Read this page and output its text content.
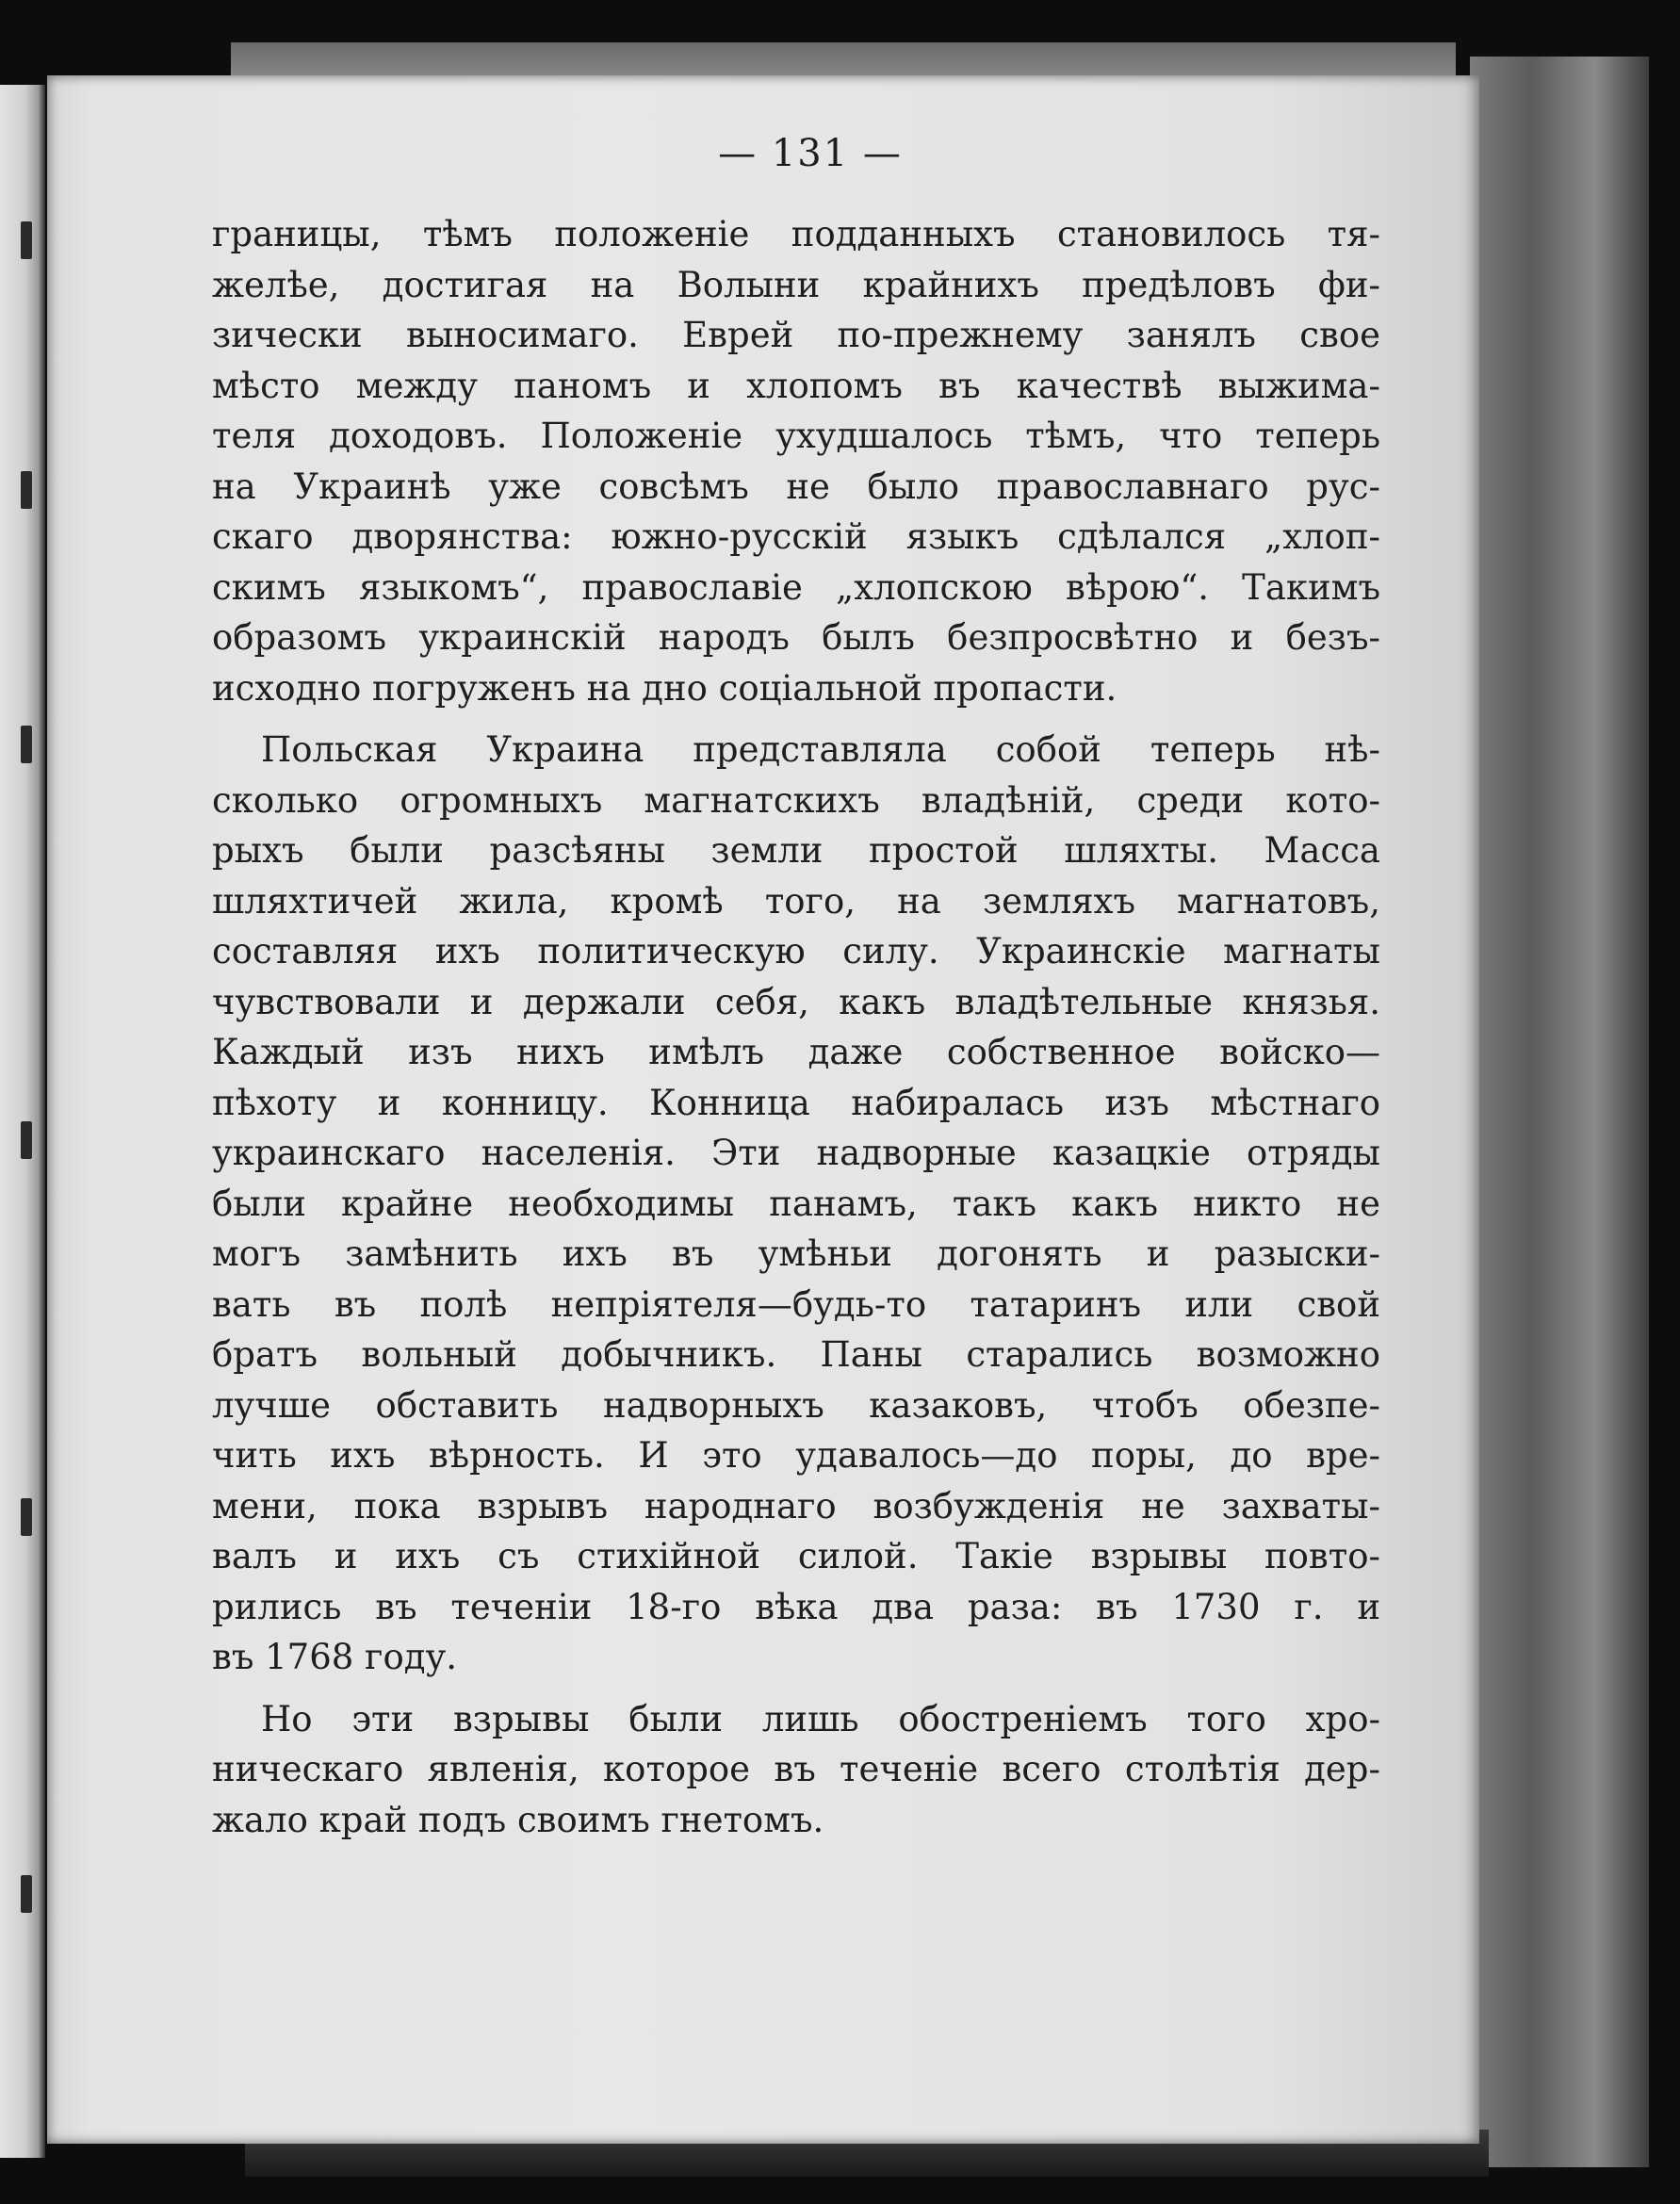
— 131 —
границы, тѣмъ положеніе подданныхъ становилось тя-
желѣе, достигая на Волыни крайнихъ предѣловъ фи-
зически выносимаго. Еврей по-прежнему занялъ свое
мѣсто между паномъ и хлопомъ въ качествѣ выжима-
теля доходовъ. Положеніе ухудшалось тѣмъ, что теперь
на Украинѣ уже совсѣмъ не было православнаго рус-
скаго дворянства: южно-русскій языкъ сдѣлался „хлоп-
скимъ языкомъ“, православіе „хлопскою вѣрою“. Такимъ
образомъ украинскій народъ былъ безпросвѣтно и безъ-
исходно погруженъ на дно соціальной пропасти.
Польская Украина представляла собой теперь нѣ-
сколько огромныхъ магнатскихъ владѣній, среди кото-
рыхъ были разсѣяны земли простой шляхты. Масса
шляхтичей жила, кромѣ того, на земляхъ магнатовъ,
составляя ихъ политическую силу. Украинскіе магнаты
чувствовали и держали себя, какъ владѣтельные князья.
Каждый изъ нихъ имѣлъ даже собственное войско—
пѣхоту и конницу. Конница набиралась изъ мѣстнаго
украинскаго населенія. Эти надворные казацкіе отряды
были крайне необходимы панамъ, такъ какъ никто не
могъ замѣнить ихъ въ умѣньи догонять и разыски-
вать въ полѣ непріятеля—будь-то татаринъ или свой
братъ вольный добычникъ. Паны старались возможно
лучше обставить надворныхъ казаковъ, чтобъ обезпе-
чить ихъ вѣрность. И это удавалось—до поры, до вре-
мени, пока взрывъ народнаго возбужденія не захваты-
валъ и ихъ съ стихійной силой. Такіе взрывы повто-
рились въ теченіи 18-го вѣка два раза: въ 1730 г. и
въ 1768 году.
Но эти взрывы были лишь обостреніемъ того хро-
ническаго явленія, которое въ теченіе всего столѣтія дер-
жало край подъ своимъ гнетомъ.
